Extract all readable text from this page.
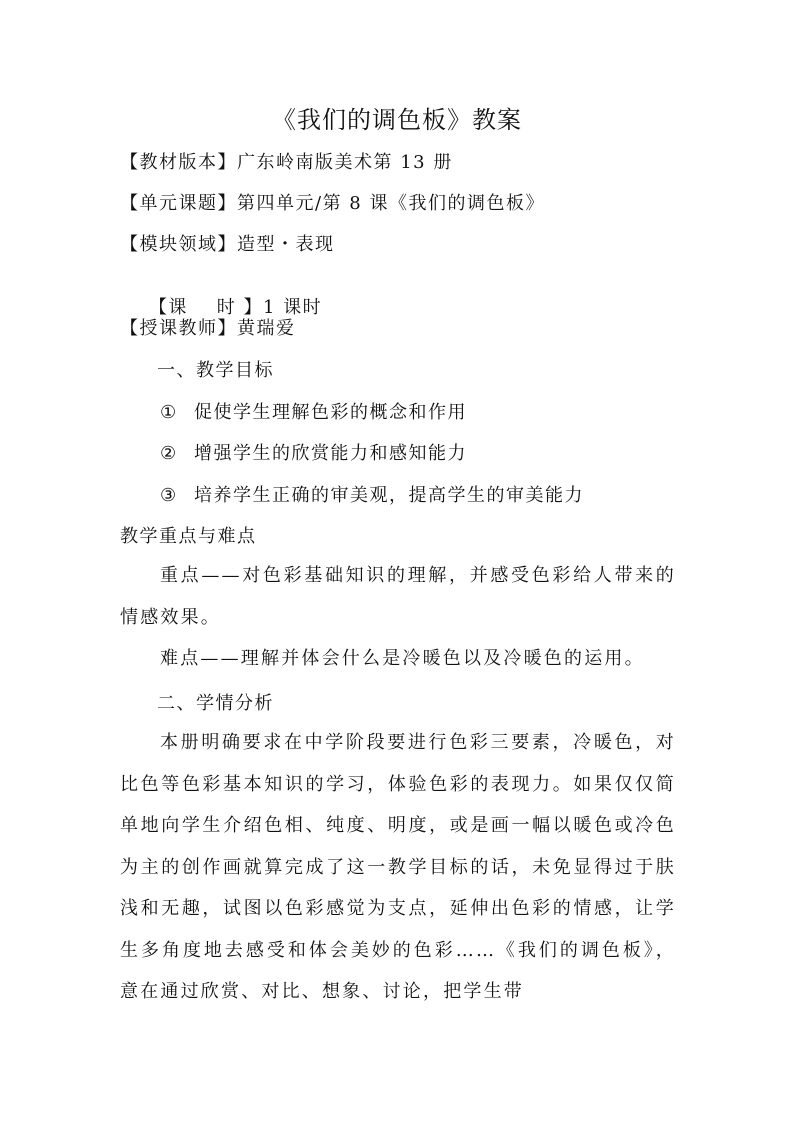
《我们的调色板》教案
【教材版本】广东岭南版美术第 13 册
【单元课题】第四单元/第 8 课《我们的调色板》
【模块领域】造型・表现

【课    时 】1 课时

【授课教师】黄瑞爱
一、教学目标
① 促使学生理解色彩的概念和作用
② 增强学生的欣赏能力和感知能力
③ 培养学生正确的审美观，提高学生的审美能力
教学重点与难点
重点——对色彩基础知识的理解，并感受色彩给人带来的情感效果。
难点——理解并体会什么是冷暖色以及冷暖色的运用。
二、学情分析
本册明确要求在中学阶段要进行色彩三要素，冷暖色，对比色等色彩基本知识的学习，体验色彩的表现力。如果仅仅简单地向学生介绍色相、纯度、明度，或是画一幅以暖色或冷色为主的创作画就算完成了这一教学目标的话，未免显得过于肤浅和无趣，试图以色彩感觉为支点，延伸出色彩的情感，让学生多角度地去感受和体会美妙的色彩……《我们的调色板》，意在通过欣赏、对比、想象、讨论，把学生带
